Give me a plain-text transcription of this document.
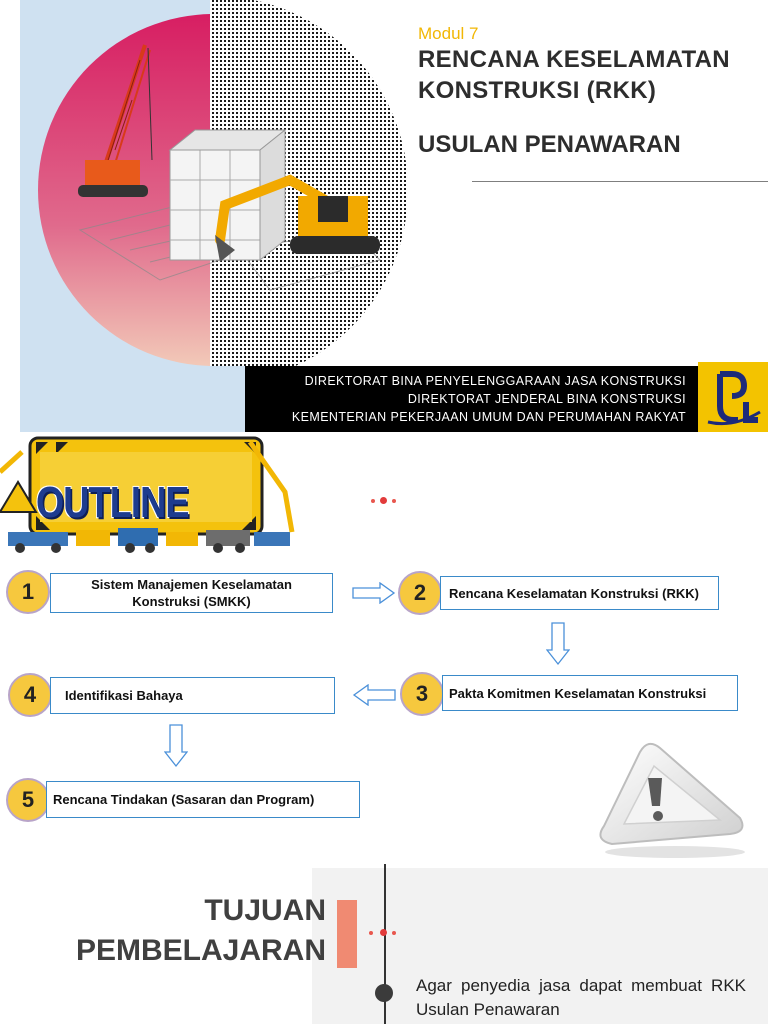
Modul 7
RENCANA KESELAMATAN
KONSTRUKSI (RKK)
USULAN PENAWARAN
DIREKTORAT BINA PENYELENGGARAAN JASA KONSTRUKSI
DIREKTORAT JENDERAL BINA KONSTRUKSI
KEMENTERIAN PEKERJAAN UMUM DAN PERUMAHAN RAKYAT
OUTLINE
1	Sistem Manajemen Keselamatan
Konstruksi (SMKK)	2	Rencana Keselamatan Konstruksi (RKK)
3	Pakta Komitmen Keselamatan Konstruksi
4	Identifikasi Bahaya
5	Rencana Tindakan (Sasaran dan Program)
TUJUAN
PEMBELAJARAN
Agar penyedia jasa dapat membuat RKK Usulan Penawaran
